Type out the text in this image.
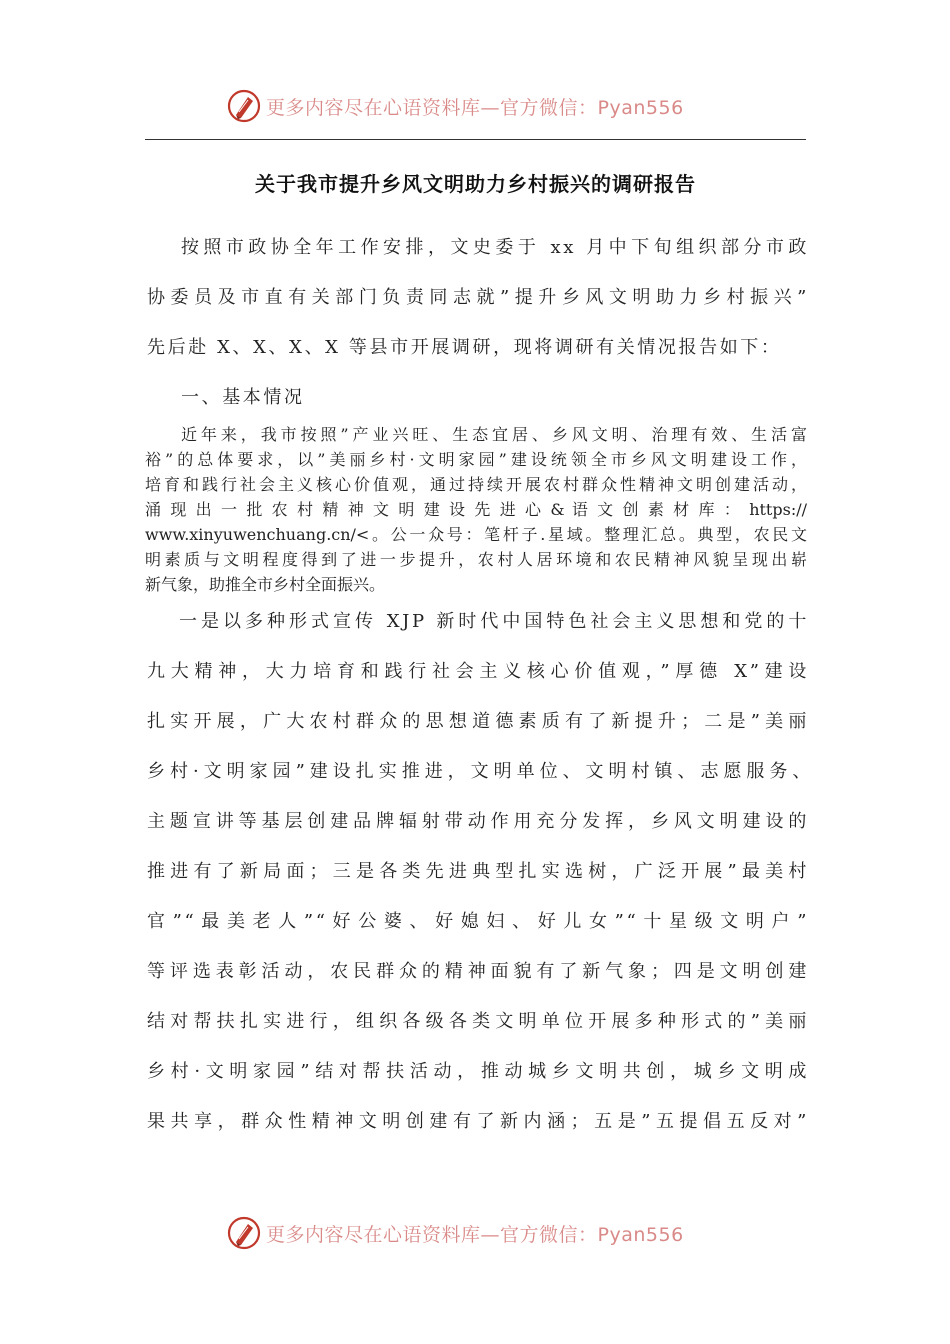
更多内容尽在心语资料库—官方微信：Pyan556
关于我市提升乡风文明助力乡村振兴的调研报告
按照市政协全年工作安排，文史委于 xx 月中下旬组织部分市政
协委员及市直有关部门负责同志就”提升乡风文明助力乡村振兴”
先后赴 X、X、X、X 等县市开展调研，现将调研有关情况报告如下：
一、基本情况
近年来，我市按照”产业兴旺、生态宜居、乡风文明、治理有效、生活富
裕”的总体要求，以”美丽乡村·文明家园”建设统领全市乡风文明建设工作，
培育和践行社会主义核心价值观，通过持续开展农村群众性精神文明创建活动，
涌 现 出 一 批 农 村 精 神 文 明 建 设 先 进 心 & 语 文 创 素 材 库 ： https://
www.xinyuwenchuang.cn/<。公一众号：笔杆子.星域。整理汇总。典型，农民文
明素质与文明程度得到了进一步提升，农村人居环境和农民精神风貌呈现出崭
新气象，助推全市乡村全面振兴。
一是以多种形式宣传 XJP 新时代中国特色社会主义思想和党的十
九大精神，大力培育和践行社会主义核心价值观，”厚德 X”建设
扎实开展，广大农村群众的思想道德素质有了新提升；二是”美丽
乡村·文明家园”建设扎实推进，文明单位、文明村镇、志愿服务、
主题宣讲等基层创建品牌辐射带动作用充分发挥，乡风文明建设的
推进有了新局面；三是各类先进典型扎实选树，广泛开展”最美村
官”“最美老人”“好公婆、好媳妇、好儿女”“十星级文明户”
等评选表彰活动，农民群众的精神面貌有了新气象；四是文明创建
结对帮扶扎实进行，组织各级各类文明单位开展多种形式的”美丽
乡村·文明家园”结对帮扶活动，推动城乡文明共创，城乡文明成
果共享，群众性精神文明创建有了新内涵；五是”五提倡五反对”
更多内容尽在心语资料库—官方微信：Pyan556
